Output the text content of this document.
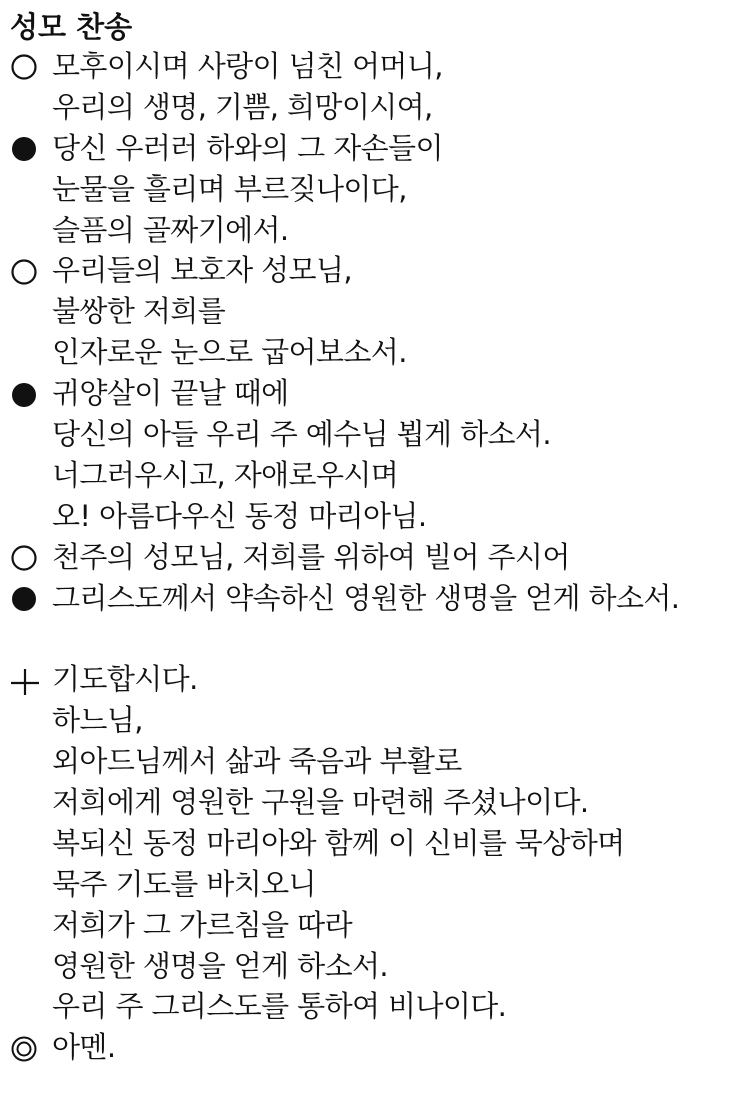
성모 찬송
모후이시며 사랑이 넘친 어머니,
우리의 생명, 기쁨, 희망이시여,
당신 우러러 하와의 그 자손들이
눈물을 흘리며 부르짖나이다,
슬픔의 골짜기에서.
우리들의 보호자 성모님,
불쌍한 저희를
인자로운 눈으로 굽어보소서.
귀양살이 끝날 때에
당신의 아들 우리 주 예수님 뵙게 하소서.
너그러우시고, 자애로우시며
오! 아름다우신 동정 마리아님.
천주의 성모님, 저희를 위하여 빌어 주시어
그리스도께서 약속하신 영원한 생명을 얻게 하소서.
기도합시다.
하느님,
외아드님께서 삶과 죽음과 부활로
저희에게 영원한 구원을 마련해 주셨나이다.
복되신 동정 마리아와 함께 이 신비를 묵상하며
묵주 기도를 바치오니
저희가 그 가르침을 따라
영원한 생명을 얻게 하소서.
우리 주 그리스도를 통하여 비나이다.
아멘.
